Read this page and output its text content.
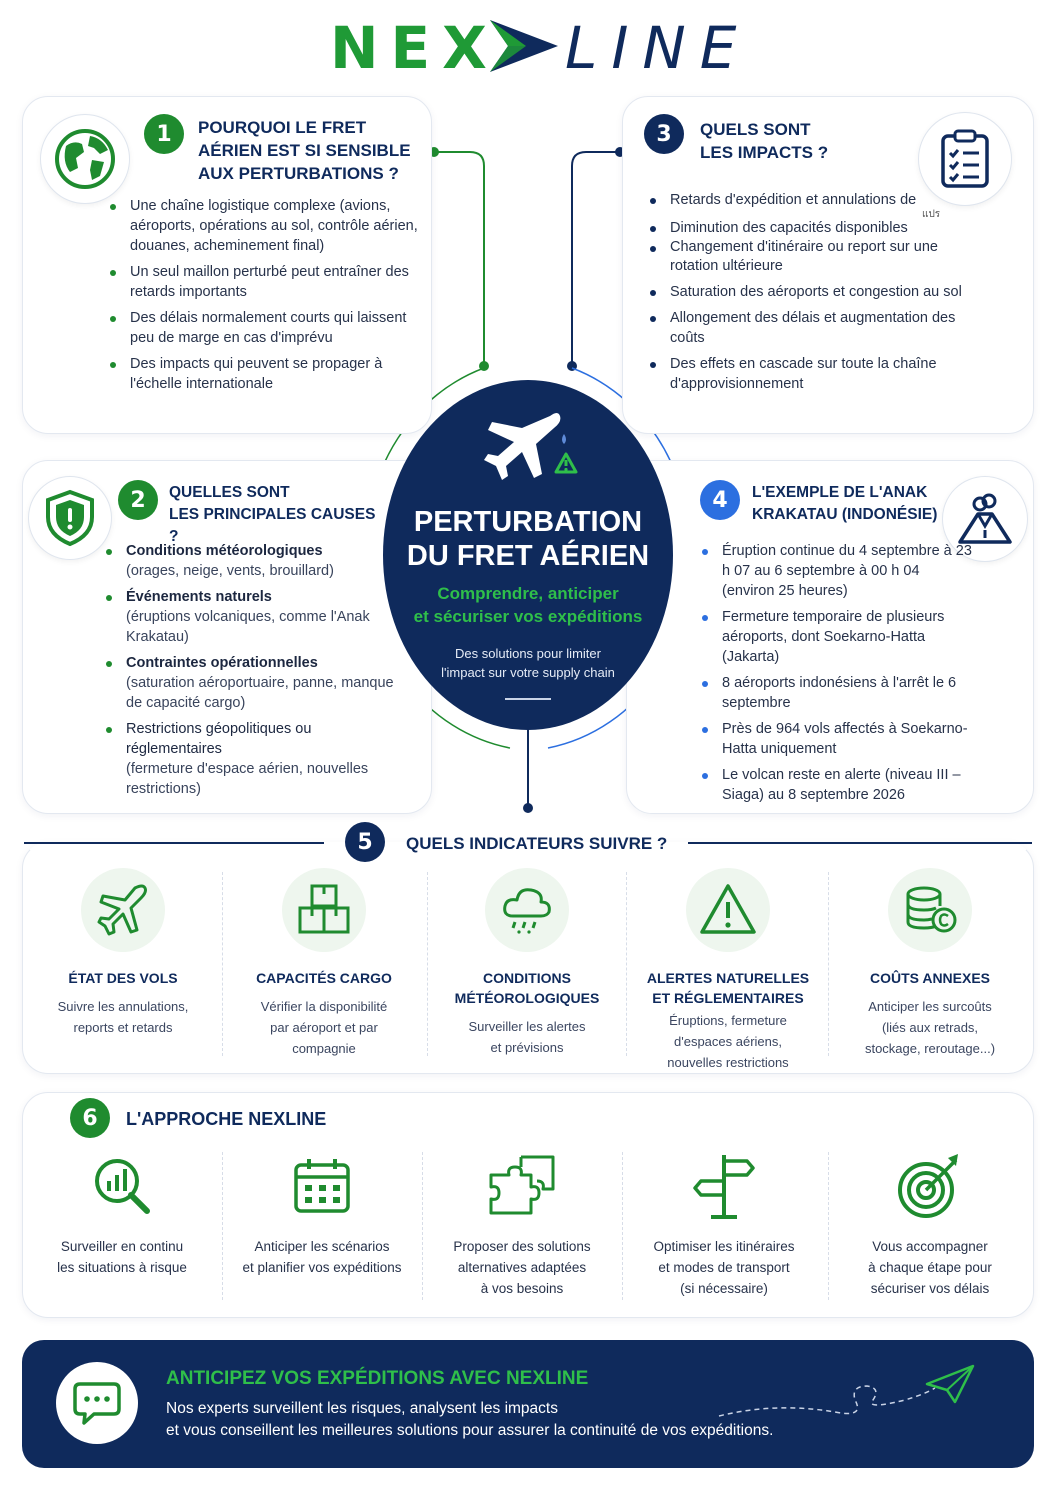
NEX LINE
1	POURQUOI LE FRET
AÉRIEN EST SI SENSIBLE
AUX PERTURBATIONS ?
Une chaîne logistique complexe (avions, aéroports, opérations au sol, contrôle aérien, douanes, acheminement final)
Un seul maillon perturbé peut entraîner des retards importants
Des délais normalement courts qui laissent peu de marge en cas d'imprévu
Des impacts qui peuvent se propager à l'échelle internationale
3	QUELS SONT
LES IMPACTS ?
แปร
Retards d'expédition et annulations de
Diminution des capacités disponibles
Changement d'itinéraire ou report sur une rotation ultérieure
Saturation des aéroports et congestion au sol
Allongement des délais et augmentation des coûts
Des effets en cascade sur toute la chaîne d'approvisionnement
2	QUELLES SONT
LES PRINCIPALES CAUSES ?
Conditions météorologiques
(orages, neige, vents, brouillard)
Événements naturels
(éruptions volcaniques, comme l'Anak Krakatau)
Contraintes opérationnelles
(saturation aéroportuaire, panne, manque de capacité cargo)
Restrictions géopolitiques ou réglementaires
(fermeture d'espace aérien, nouvelles restrictions)
4	L'EXEMPLE DE L'ANAK
KRAKATAU (INDONÉSIE)
Éruption continue du 4 septembre à 23 h 07 au 6 septembre à 00 h 04 (environ 25 heures)
Fermeture temporaire de plusieurs aéroports, dont Soekarno-Hatta (Jakarta)
8 aéroports indonésiens à l'arrêt le 6 septembre
Près de 964 vols affectés à Soekarno-Hatta uniquement
Le volcan reste en alerte (niveau III – Siaga) au 8 septembre 2026
PERTURBATION
DU FRET AÉRIEN
Comprendre, anticiper
et sécuriser vos expéditions
Des solutions pour limiter
l'impact sur votre supply chain
5	QUELS INDICATEURS SUIVRE ?
ÉTAT DES VOLS
Suivre les annulations,
reports et retards
CAPACITÉS CARGO
Vérifier la disponibilité
par aéroport et par
compagnie
CONDITIONS
MÉTÉOROLOGIQUES
Surveiller les alertes
et prévisions
ALERTES NATURELLES
ET RÉGLEMENTAIRES
Éruptions, fermeture
d'espaces aériens,
nouvelles restrictions
COÛTS ANNEXES
Anticiper les surcoûts
(liés aux retrads,
stockage, reroutage...)
6	L'APPROCHE NEXLINE
Surveiller en continu
les situations à risque
Anticiper les scénarios
et planifier vos expéditions
Proposer des solutions
alternatives adaptées
à vos besoins
Optimiser les itinéraires
et modes de transport
(si nécessaire)
Vous accompagner
à chaque étape pour
sécuriser vos délais
ANTICIPEZ VOS EXPÉDITIONS AVEC NEXLINE
Nos experts surveillent les risques, analysent les impacts
et vous conseillent les meilleures solutions pour assurer la continuité de vos expéditions.
